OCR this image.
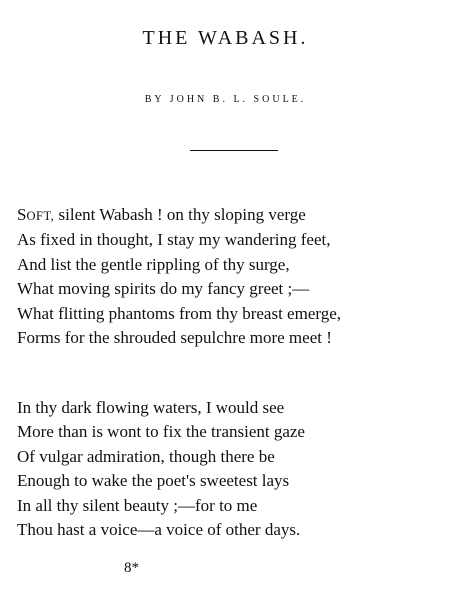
THE WABASH.

BY JOHN B. L. SOULE.

SOFT, silent Wabash ! on thy sloping verge
As fixed in thought, I stay my wandering feet,
And list the gentle rippling of thy surge,
What moving spirits do my fancy greet ;—
What flitting phantoms from thy breast emerge,
Forms for the shrouded sepulchre more meet !
In thy dark flowing waters, I would see
More than is wont to fix the transient gaze
Of vulgar admiration, though there be
Enough to wake the poet's sweetest lays
In all thy silent beauty ;—for to me
Thou hast a voice—a voice of other days.

8*
